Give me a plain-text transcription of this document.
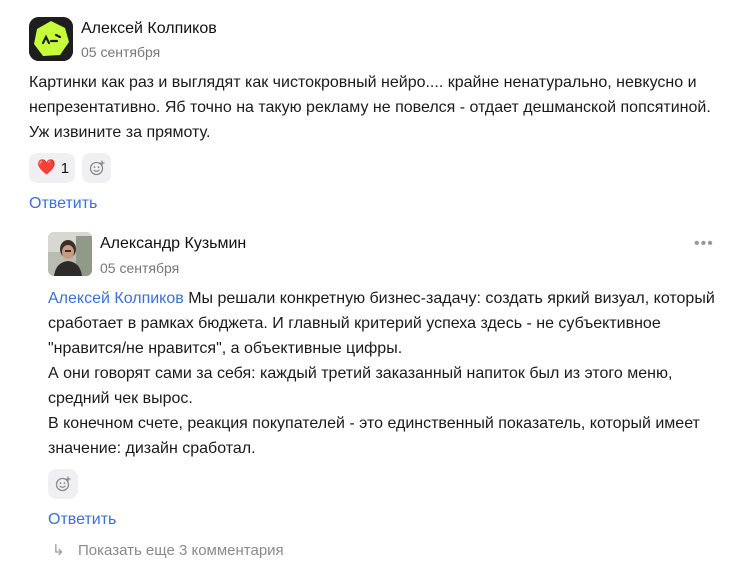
Алексей Колпиков
05 сентября

Картинки как раз и выглядят как чистокровный нейро.... крайне ненатурально, невкусно и

непрезентативно. Яб точно на такую рекламу не повелся - отдает дешманской попсятиной.

Уж извините за прямоту.

❤️ 1
Ответить
Александр Кузьмин
05 сентября
•••

Алексей Колпиков Мы решали конкретную бизнес-задачу: создать яркий визуал, который

сработает в рамках бюджета. И главный критерий успеха здесь - не субъективное

"нравится/не нравится", а объективные цифры.

А они говорят сами за себя: каждый третий заказанный напиток был из этого меню,

средний чек вырос.

В конечном счете, реакция покупателей - это единственный показатель, который имеет

значение: дизайн сработал.

Ответить
↳ Показать еще 3 комментария
